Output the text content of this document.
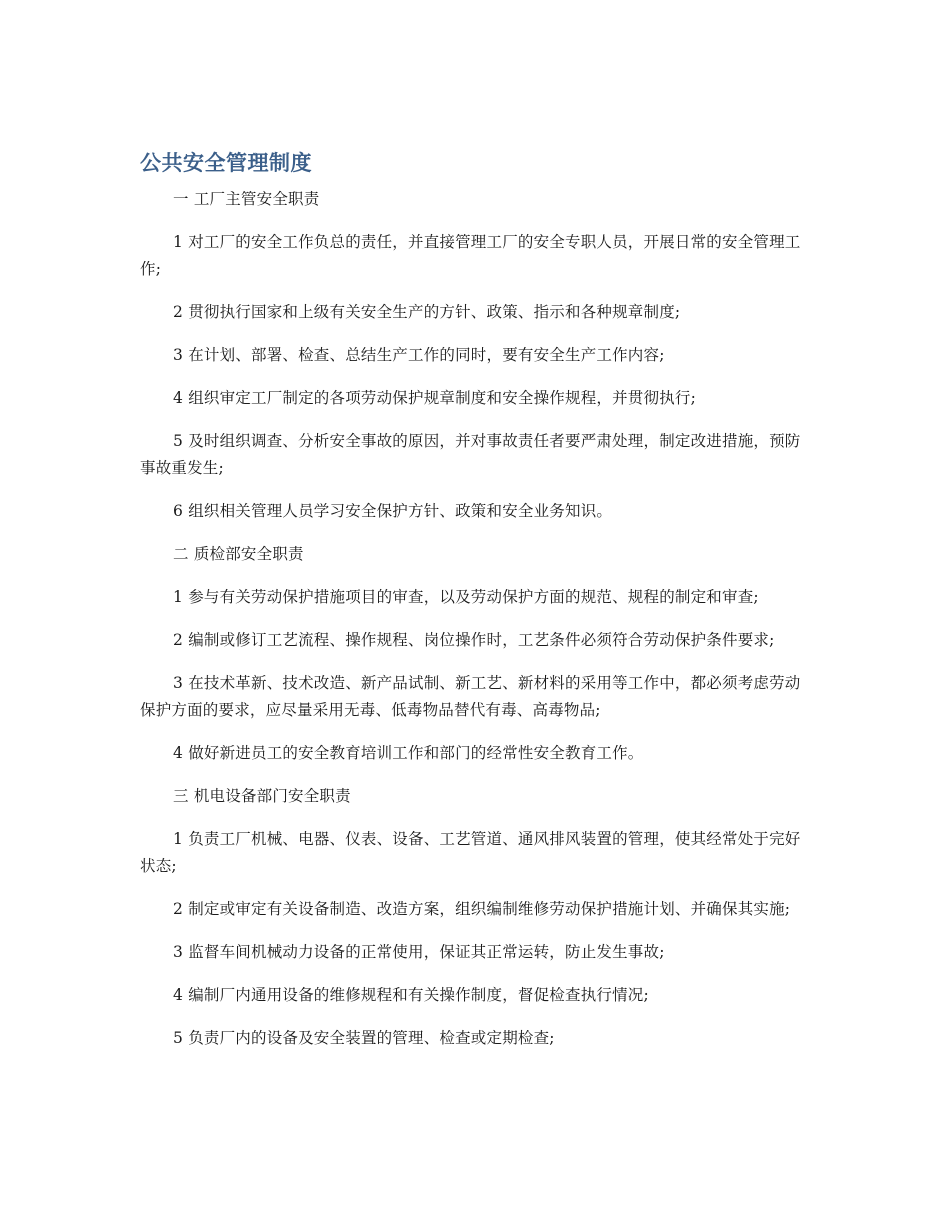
公共安全管理制度

一 工厂主管安全职责

1 对工厂的安全工作负总的责任，并直接管理工厂的安全专职人员，开展日常的安全管理工作;

2 贯彻执行国家和上级有关安全生产的方针、政策、指示和各种规章制度;

3 在计划、部署、检查、总结生产工作的同时，要有安全生产工作内容;

4 组织审定工厂制定的各项劳动保护规章制度和安全操作规程，并贯彻执行;

5 及时组织调查、分析安全事故的原因，并对事故责任者要严肃处理，制定改进措施，预防事故重发生;

6 组织相关管理人员学习安全保护方针、政策和安全业务知识。

二 质检部安全职责

1 参与有关劳动保护措施项目的审查，以及劳动保护方面的规范、规程的制定和审查;

2 编制或修订工艺流程、操作规程、岗位操作时，工艺条件必须符合劳动保护条件要求;

3 在技术革新、技术改造、新产品试制、新工艺、新材料的采用等工作中，都必须考虑劳动保护方面的要求，应尽量采用无毒、低毒物品替代有毒、高毒物品;

4 做好新进员工的安全教育培训工作和部门的经常性安全教育工作。

三 机电设备部门安全职责

1 负责工厂机械、电器、仪表、设备、工艺管道、通风排风装置的管理，使其经常处于完好状态;

2 制定或审定有关设备制造、改造方案，组织编制维修劳动保护措施计划、并确保其实施;

3 监督车间机械动力设备的正常使用，保证其正常运转，防止发生事故;

4 编制厂内通用设备的维修规程和有关操作制度，督促检查执行情况;

5 负责厂内的设备及安全装置的管理、检查或定期检查;
